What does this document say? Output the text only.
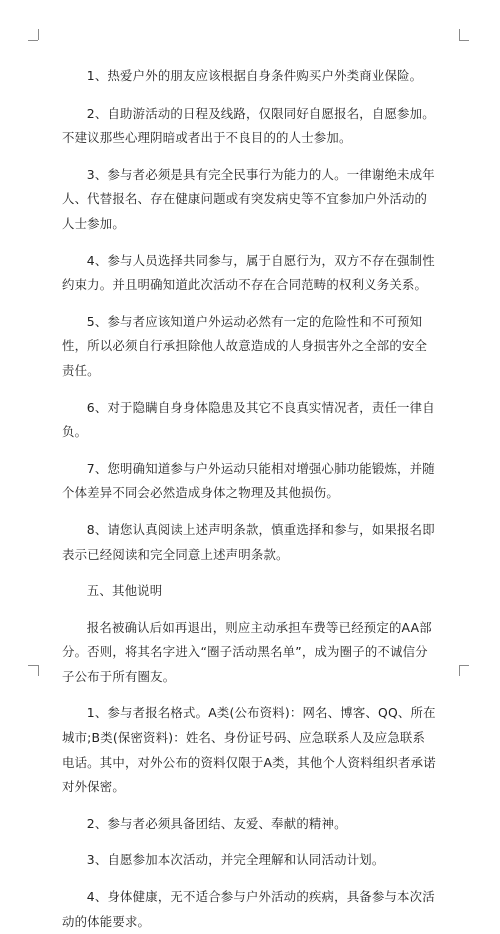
1、热爱户外的朋友应该根据自身条件购买户外类商业保险。

2、自助游活动的日程及线路，仅限同好自愿报名，自愿参加。不建议那些心理阴暗或者出于不良目的的人士参加。

3、参与者必须是具有完全民事行为能力的人。一律谢绝未成年人、代替报名、存在健康问题或有突发病史等不宜参加户外活动的人士参加。

4、参与人员选择共同参与，属于自愿行为，双方不存在强制性约束力。并且明确知道此次活动不存在合同范畴的权利义务关系。

5、参与者应该知道户外运动必然有一定的危险性和不可预知性，所以必须自行承担除他人故意造成的人身损害外之全部的安全责任。

6、对于隐瞒自身身体隐患及其它不良真实情况者，责任一律自负。

7、您明确知道参与户外运动只能相对增强心肺功能锻炼，并随个体差异不同会必然造成身体之物理及其他损伤。

8、请您认真阅读上述声明条款，慎重选择和参与，如果报名即表示已经阅读和完全同意上述声明条款。

五、其他说明

报名被确认后如再退出，则应主动承担车费等已经预定的AA部分。否则，将其名字进入“圈子活动黑名单”，成为圈子的不诚信分子公布于所有圈友。

1、参与者报名格式。A类(公布资料)：网名、博客、QQ、所在城市;B类(保密资料)：姓名、身份证号码、应急联系人及应急联系电话。其中，对外公布的资料仅限于A类，其他个人资料组织者承诺对外保密。

2、参与者必须具备团结、友爱、奉献的精神。

3、自愿参加本次活动，并完全理解和认同活动计划。

4、身体健康，无不适合参与户外活动的疾病，具备参与本次活动的体能要求。
